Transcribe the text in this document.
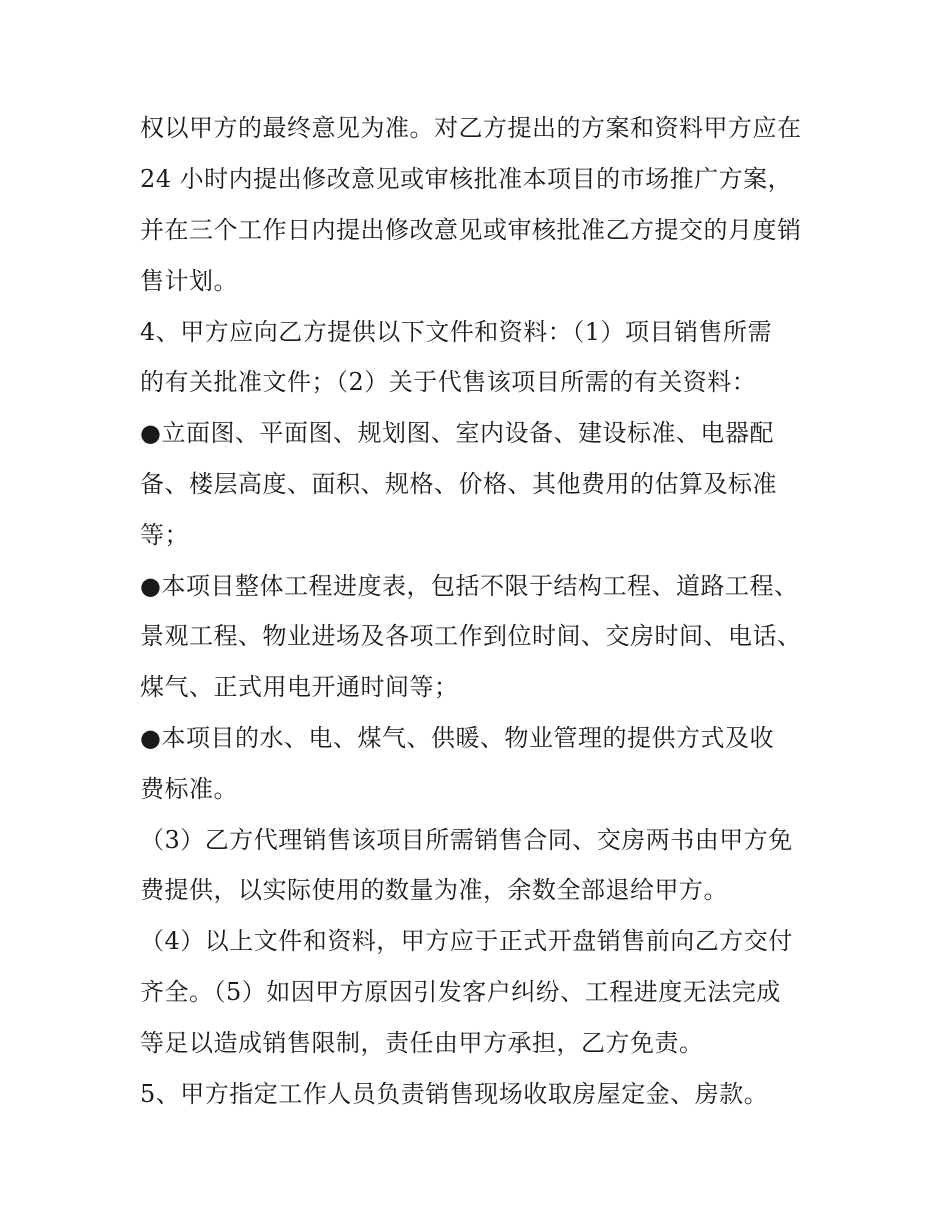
权以甲方的最终意见为准。对乙方提出的方案和资料甲方应在
24 小时内提出修改意见或审核批准本项目的市场推广方案，
并在三个工作日内提出修改意见或审核批准乙方提交的月度销
售计划。
4、甲方应向乙方提供以下文件和资料：（1）项目销售所需
的有关批准文件；（2）关于代售该项目所需的有关资料：
●立面图、平面图、规划图、室内设备、建设标准、电器配
备、楼层高度、面积、规格、价格、其他费用的估算及标准
等；
●本项目整体工程进度表，包括不限于结构工程、道路工程、
景观工程、物业进场及各项工作到位时间、交房时间、电话、
煤气、正式用电开通时间等；
●本项目的水、电、煤气、供暖、物业管理的提供方式及收
费标准。
（3）乙方代理销售该项目所需销售合同、交房两书由甲方免
费提供，以实际使用的数量为准，余数全部退给甲方。
（4）以上文件和资料，甲方应于正式开盘销售前向乙方交付
齐全。（5）如因甲方原因引发客户纠纷、工程进度无法完成
等足以造成销售限制，责任由甲方承担，乙方免责。
5、甲方指定工作人员负责销售现场收取房屋定金、房款。
